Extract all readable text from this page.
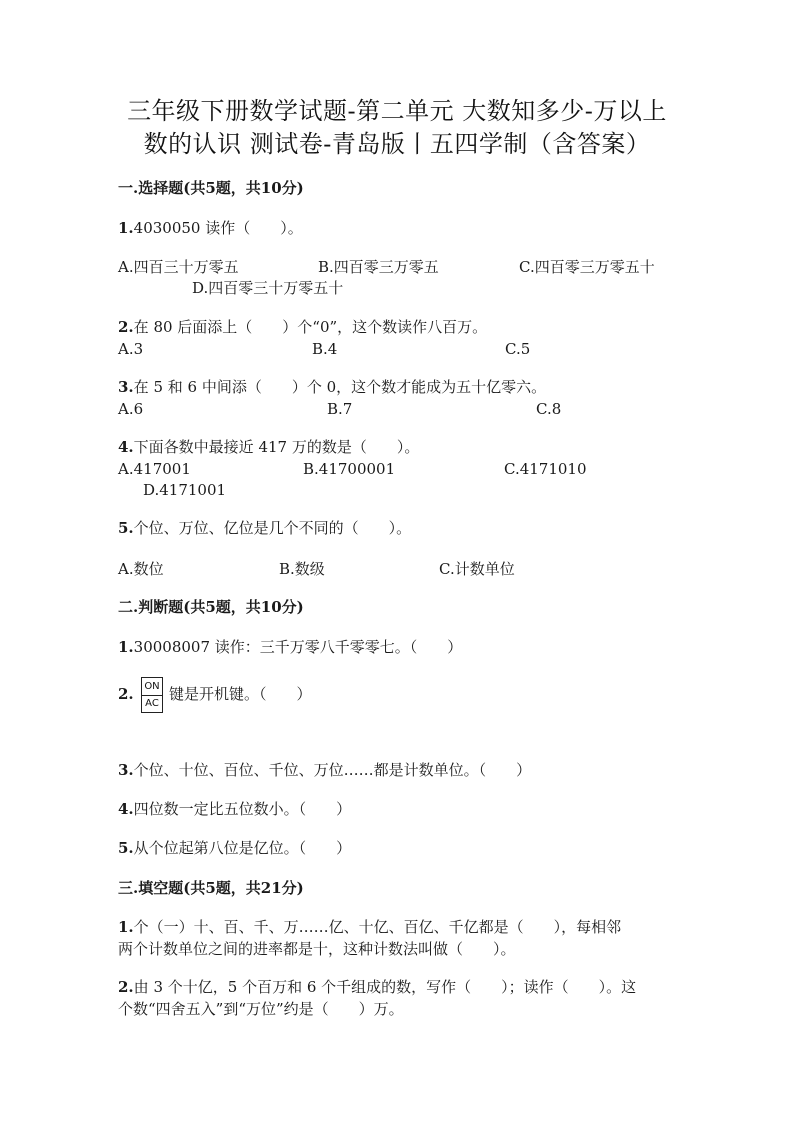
三年级下册数学试题-第二单元 大数知多少-万以上
数的认识 测试卷-青岛版丨五四学制（含答案）
一.选择题(共5题，共10分)
1.4030050 读作（　　）。
A.四百三十万零五	B.四百零三万零五	C.四百零三万零五十
D.四百零三十万零五十
2.在 80 后面添上（　　）个“0”，这个数读作八百万。
A.3	B.4	C.5
3.在 5 和 6 中间添（　　）个 0，这个数才能成为五十亿零六。
A.6	B.7	C.8
4.下面各数中最接近 417 万的数是（　　）。
A.417001	B.41700001	C.4171010
D.4171001
5.个位、万位、亿位是几个不同的（　　）。
A.数位	B.数级	C.计数单位
二.判断题(共5题，共10分)
1.30008007 读作：三千万零八千零零七。（　　）
2. ON
AC
键是开机键。（　　）
3.个位、十位、百位、千位、万位……都是计数单位。（　　）
4.四位数一定比五位数小。（　　）
5.从个位起第八位是亿位。（　　）
三.填空题(共5题，共21分)
1.个（一）十、百、千、万……亿、十亿、百亿、千亿都是（　　），每相邻
两个计数单位之间的进率都是十，这种计数法叫做（　　）。
2.由 3 个十亿，5 个百万和 6 个千组成的数，写作（　　）；读作（　　）。这
个数“四舍五入”到“万位”约是（　　）万。
